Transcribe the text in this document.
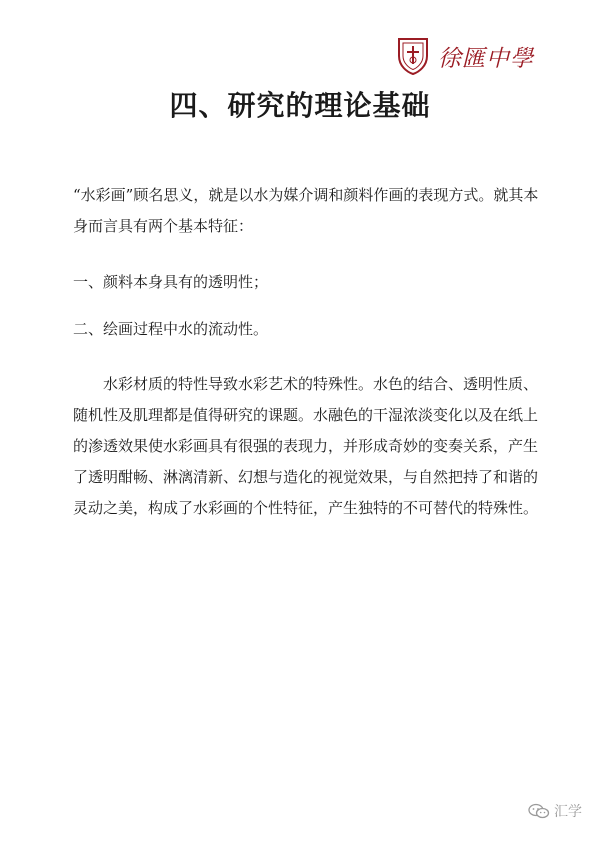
徐匯中學
四、研究的理论基础

“水彩画”顾名思义，就是以水为媒介调和颜料作画的表现方式。就其本身而言具有两个基本特征：

一、颜料本身具有的透明性；

二、绘画过程中水的流动性。

水彩材质的特性导致水彩艺术的特殊性。水色的结合、透明性质、随机性及肌理都是值得研究的课题。水融色的干湿浓淡变化以及在纸上的渗透效果使水彩画具有很强的表现力，并形成奇妙的变奏关系，产生了透明酣畅、淋漓清新、幻想与造化的视觉效果，与自然把持了和谐的灵动之美，构成了水彩画的个性特征，产生独特的不可替代的特殊性。

汇学
